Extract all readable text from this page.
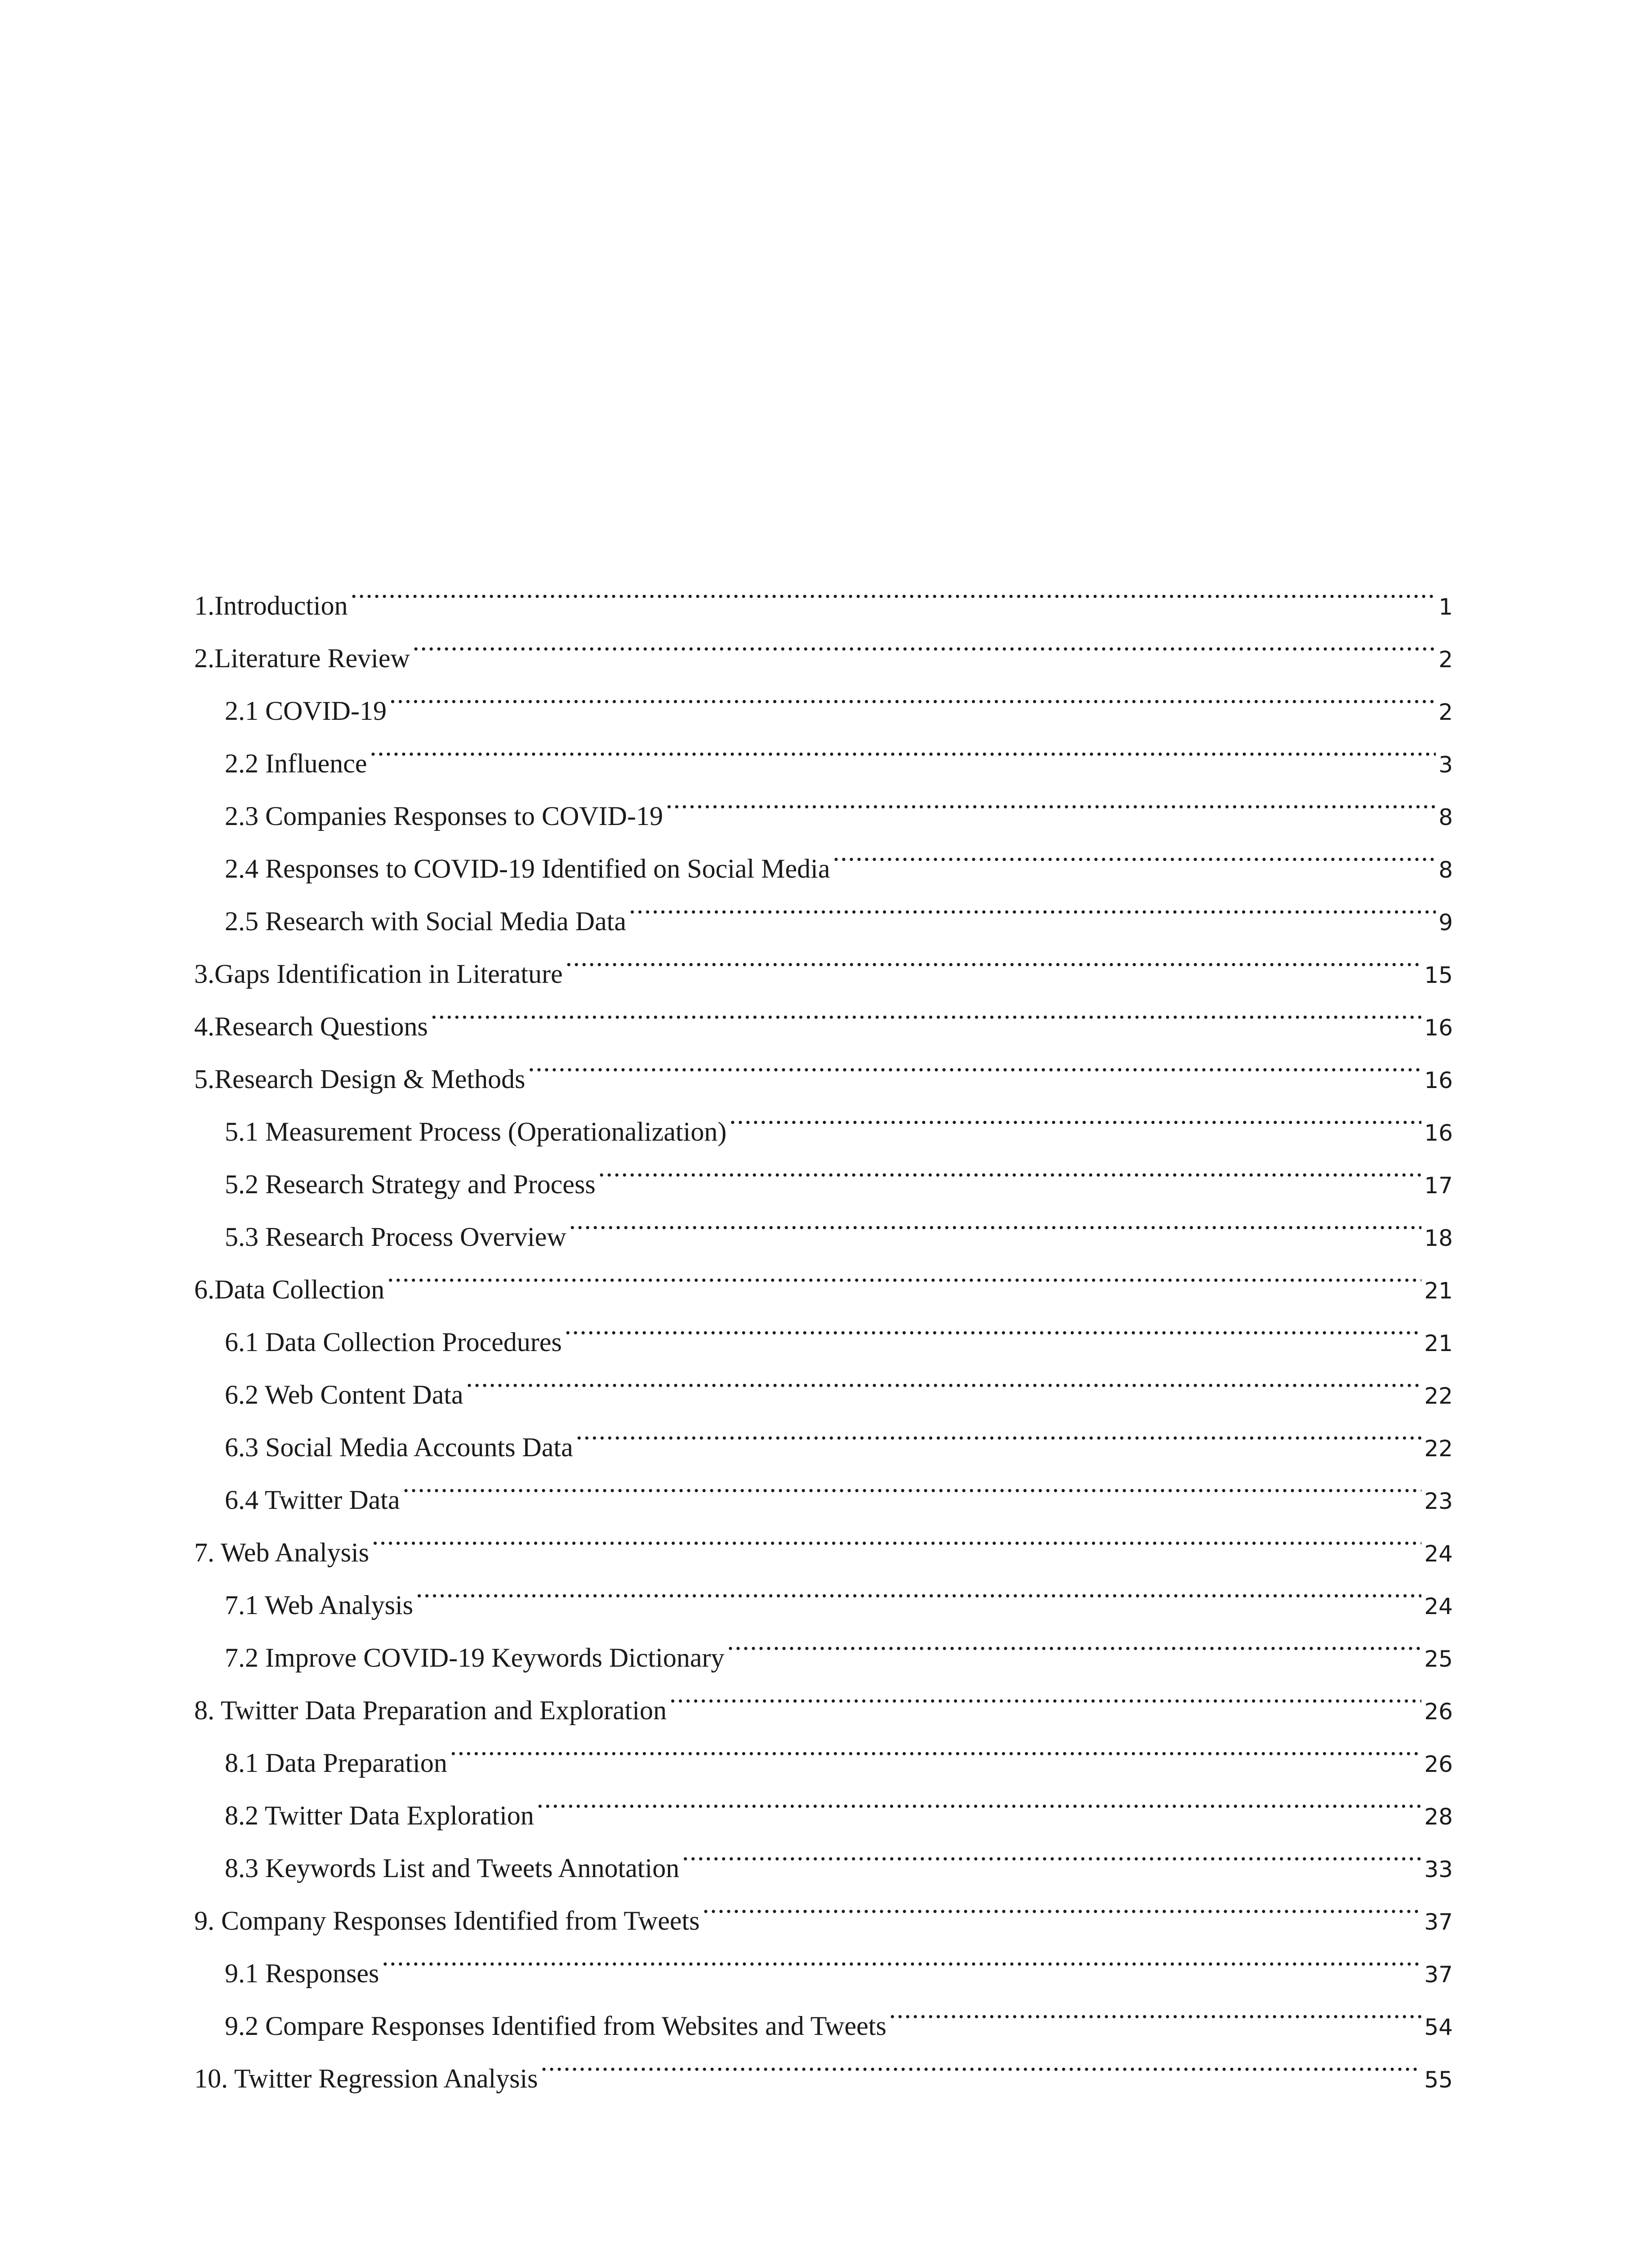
1.Introduction .....	1
2.Literature Review .....	2
2.1 COVID-19 .....	2
2.2 Influence .....	3
2.3 Companies Responses to COVID-19 .....	8
2.4 Responses to COVID-19 Identified on Social Media .....	8
2.5 Research with Social Media Data .....	9
3.Gaps Identification in Literature .....	15
4.Research Questions .....	16
5.Research Design & Methods .....	16
5.1 Measurement Process (Operationalization) .....	16
5.2 Research Strategy and Process .....	17
5.3 Research Process Overview .....	18
6.Data Collection .....	21
6.1 Data Collection Procedures .....	21
6.2 Web Content Data .....	22
6.3 Social Media Accounts Data .....	22
6.4 Twitter Data .....	23
7. Web Analysis .....	24
7.1 Web Analysis .....	24
7.2 Improve COVID-19 Keywords Dictionary .....	25
8. Twitter Data Preparation and Exploration .....	26
8.1 Data Preparation .....	26
8.2 Twitter Data Exploration .....	28
8.3 Keywords List and Tweets Annotation .....	33
9. Company Responses Identified from Tweets .....	37
9.1 Responses .....	37
9.2 Compare Responses Identified from Websites and Tweets .....	54
10. Twitter Regression Analysis .....	55
